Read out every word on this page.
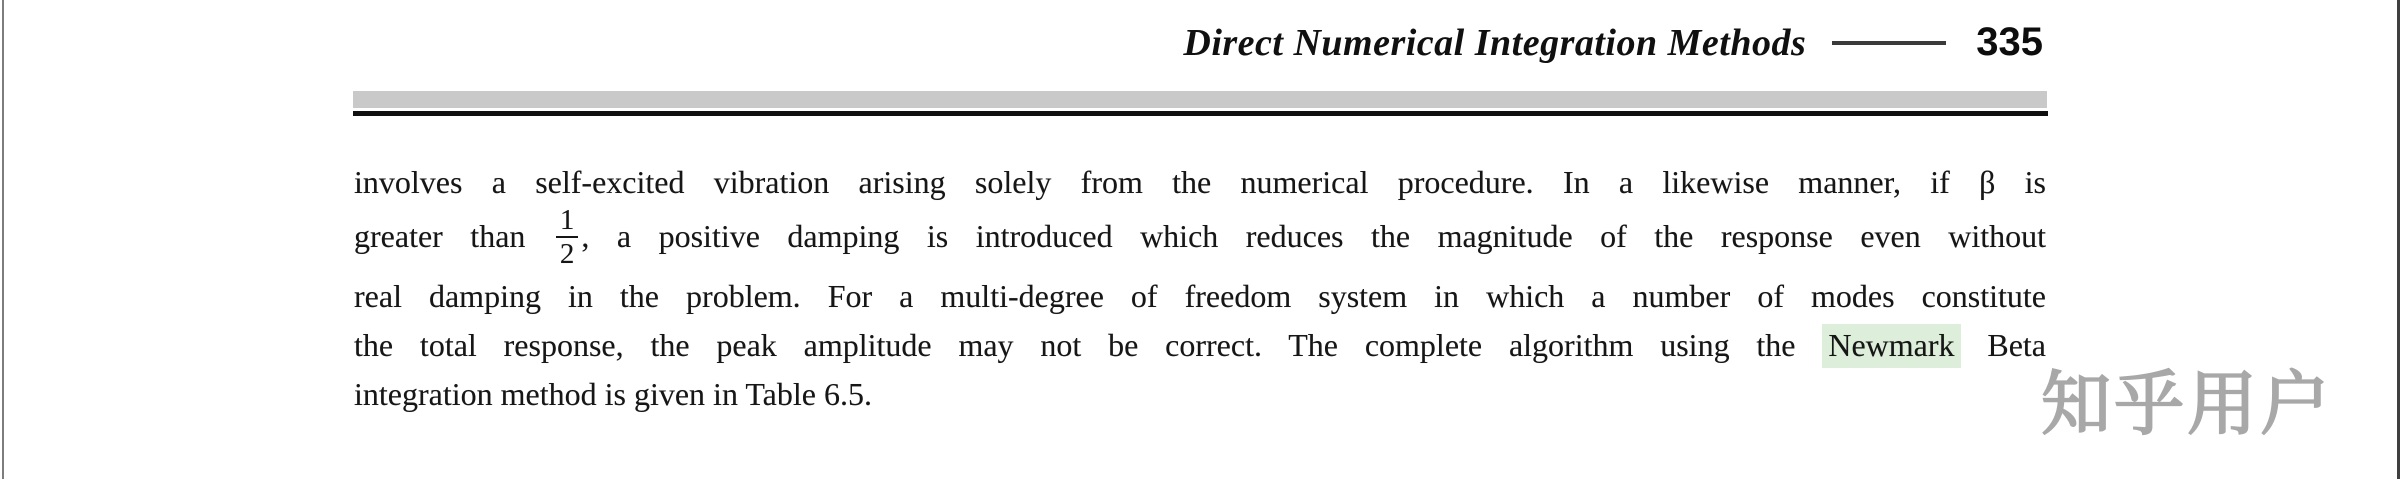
Direct Numerical Integration Methods	335
involves a self-excited vibration arising solely from the numerical procedure. In a likewise manner, if β is
greater than $\frac{1}{2}$ , a positive damping is introduced which reduces the magnitude of the response even without
real damping in the problem. For a multi-degree of freedom system in which a number of modes constitute
the total response, the peak amplitude may not be correct. The complete algorithm using the Newmark Beta
integration method is given in Table 6.5.	知乎用户
